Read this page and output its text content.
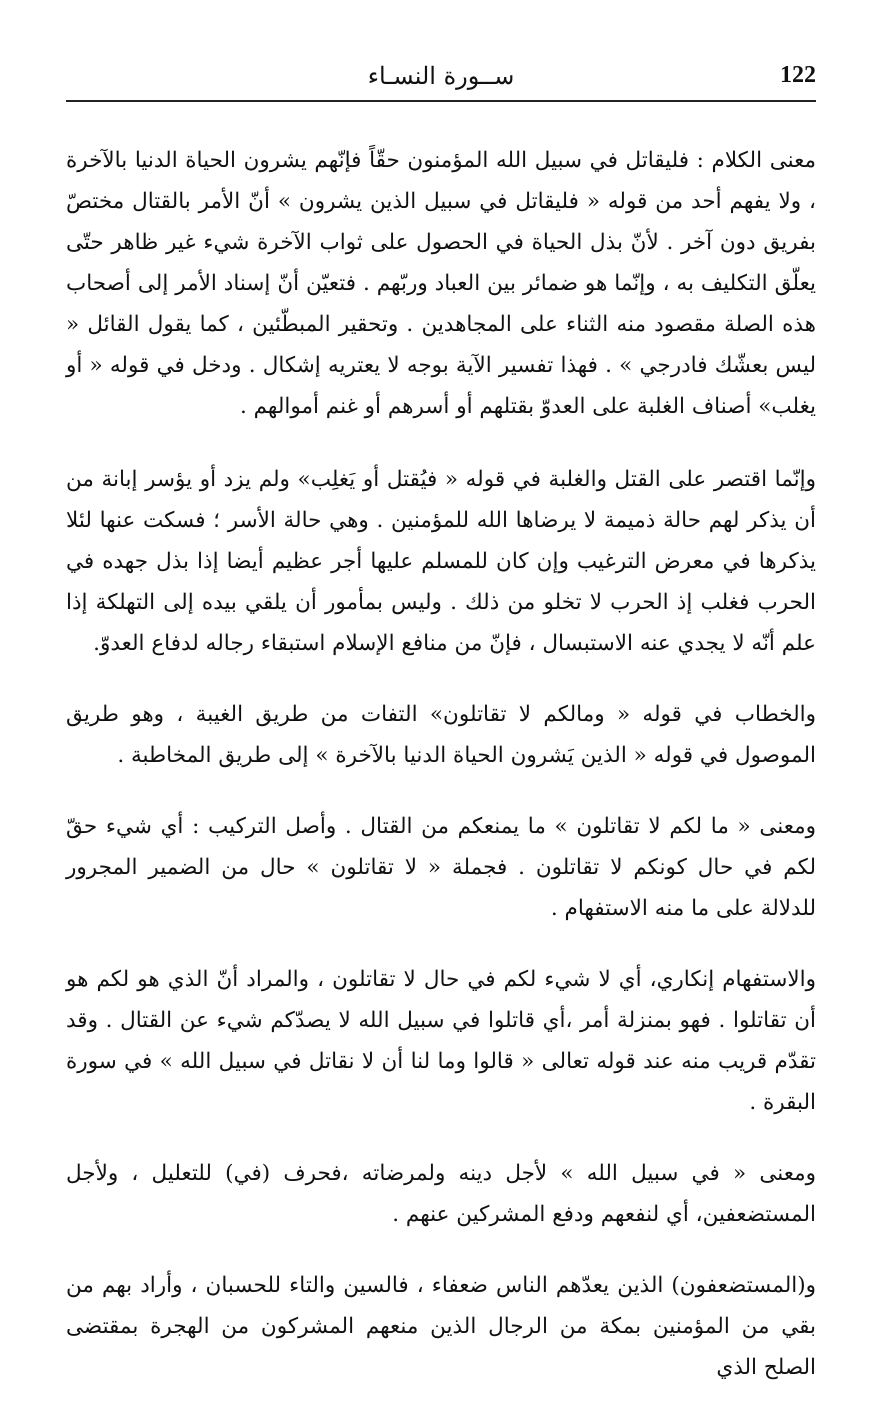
122
ســورة النسـاء

معنى الكلام : فليقاتل في سبيل الله المؤمنون حقّاً فإنّهم يشرون الحياة الدنيا بالآخرة ، ولا يفهم أحد من قوله « فليقاتل في سبيل الذين يشرون » أنّ الأمر بالقتال مختصّ بفريق دون آخر . لأنّ بذل الحياة في الحصول على ثواب الآخرة شيء غير ظاهر حتّى يعلّق التكليف به ، وإنّما هو ضمائر بين العباد وربّهم . فتعيّن أنّ إسناد الأمر إلى أصحاب هذه الصلة مقصود منه الثناء على المجاهدين . وتحقير المبطّئين ، كما يقول القائل « ليس بعشّك فادرجي » . فهذا تفسير الآية بوجه لا يعتريه إشكال . ودخل في قوله « أو يغلب» أصناف الغلبة على العدوّ بقتلهم أو أسرهم أو غنم أموالهم .

وإنّما اقتصر على القتل والغلبة في قوله « فيُقتل أو يَغلِب» ولم يزد أو يؤسر إبانة من أن يذكر لهم حالة ذميمة لا يرضاها الله للمؤمنين . وهي حالة الأسر ؛ فسكت عنها لئلا يذكرها في معرض الترغيب وإن كان للمسلم عليها أجر عظيم أيضا إذا بذل جهده في الحرب فغلب إذ الحرب لا تخلو من ذلك . وليس بمأمور أن يلقي بيده إلى التهلكة إذا علم أنّه لا يجدي عنه الاستبسال ، فإنّ من منافع الإسلام استبقاء رجاله لدفاع العدوّ.

والخطاب في قوله « ومالكم لا تقاتلون» التفات من طريق الغيبة ، وهو طريق الموصول في قوله « الذين يَشرون الحياة الدنيا بالآخرة » إلى طريق المخاطبة .

ومعنى « ما لكم لا تقاتلون » ما يمنعكم من القتال . وأصل التركيب : أي شيء حقّ لكم في حال كونكم لا تقاتلون . فجملة « لا تقاتلون » حال من الضمير المجرور للدلالة على ما منه الاستفهام .

والاستفهام إنكاري، أي لا شيء لكم في حال لا تقاتلون ، والمراد أنّ الذي هو لكم هو أن تقاتلوا . فهو بمنزلة أمر ،أي قاتلوا في سبيل الله لا يصدّكم شيء عن القتال . وقد تقدّم قريب منه عند قوله تعالى « قالوا وما لنا أن لا نقاتل في سبيل الله » في سورة البقرة .

ومعنى « في سبيل الله » لأجل دينه ولمرضاته ،فحرف (في) للتعليل ، ولأجل المستضعفين، أي لنفعهم ودفع المشركين عنهم .

و(المستضعفون) الذين يعدّهم الناس ضعفاء ، فالسين والتاء للحسبان ، وأراد بهم من بقي من المؤمنين بمكة من الرجال الذين منعهم المشركون من الهجرة بمقتضى الصلح الذي
